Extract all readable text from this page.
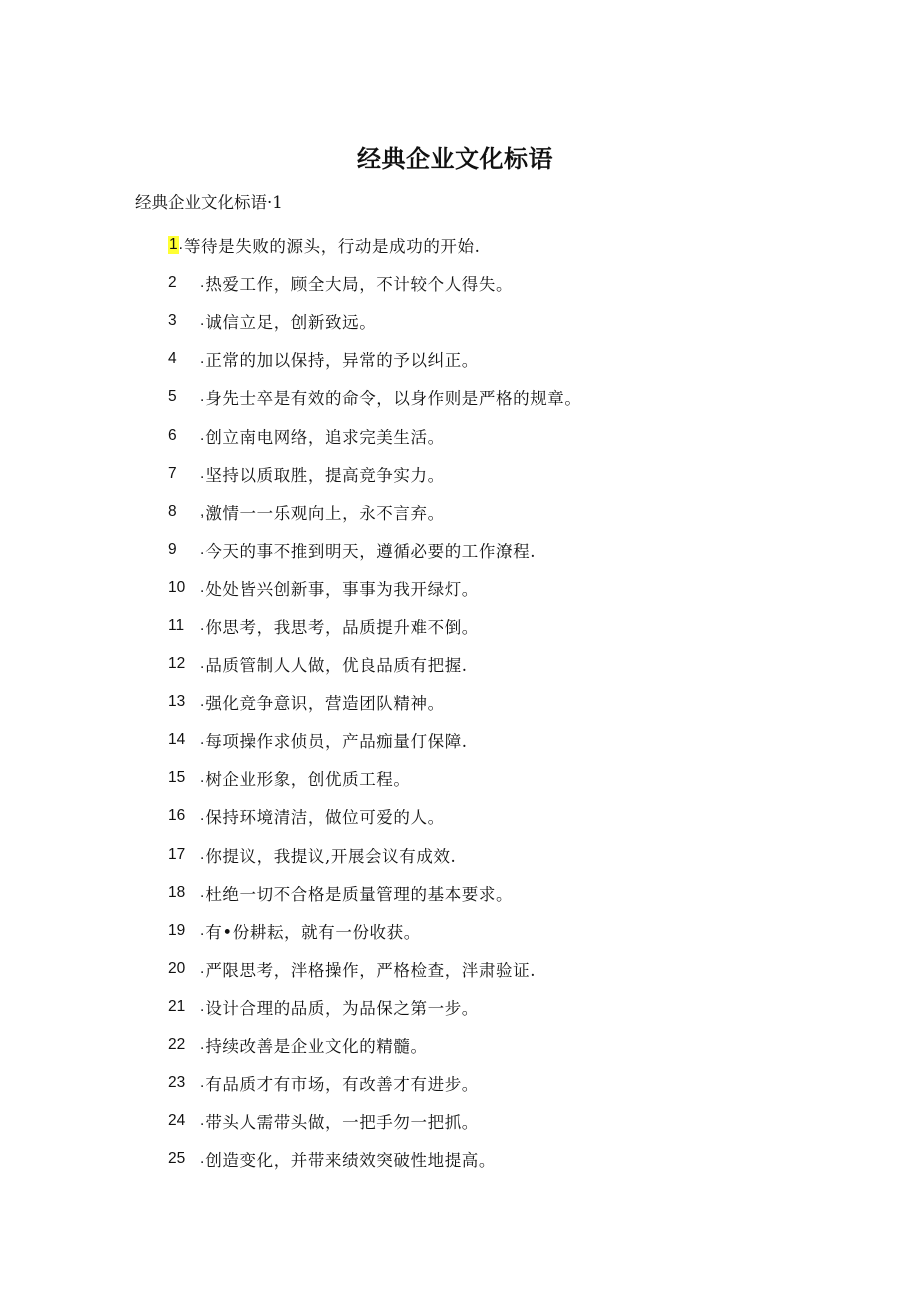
经典企业文化标语

经典企业文化标语·1

1 . 等待是失败的源头，行动是成功的开始.
2	. 热爱工作，顾全大局，不计较个人得失。
3	. 诚信立足，创新致远。
4	. 正常的加以保持，异常的予以纠正。
5	. 身先士卒是有效的命令，以身作则是严格的规章。
6	. 创立南电网络，追求完美生活。
7	. 坚持以质取胜，提高竞争实力。
8	, 激情一一乐观向上，永不言弃。
9	. 今天的事不推到明天，遵循必要的工作潦程.
10 . 处处皆兴创新事，事事为我开绿灯。
11	. 你思考，我思考，品质提升难不倒。
12 . 品质管制人人做，优良品质有把握.
13 . 强化竞争意识，营造团队精神。
14 . 每项操作求侦员，产品痂量仃保障.
15 . 树企业形象，创优质工程。
16 . 保持环境清洁，做位可爱的人。
17 . 你提议，我提议,开展会议有成效.
18 . 杜绝一切不合格是质量管理的基本要求。
19 . 有•份耕耘，就有一份收获。
20 . 严限思考，泮格操作，严格检查，泮肃验证.
21 . 设计合理的品质，为品保之第一步。
22 . 持续改善是企业文化的精髓。
23 . 有品质才有市场，有改善才有进步。
24 . 带头人需带头做，一把手勿一把抓。
25 . 创造变化，并带来绩效突破性地提高。
